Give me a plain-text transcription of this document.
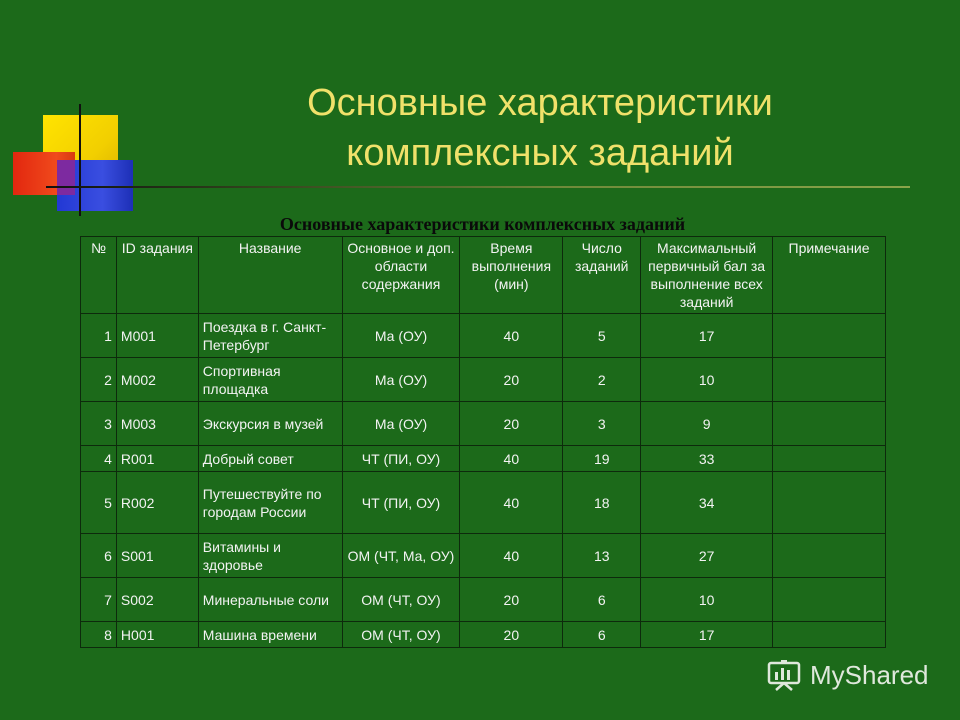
Основные характеристики
комплексных заданий
Основные характеристики комплексных заданий
№	ID задания	Название	Основное и доп. области содержания	Время выполнения (мин)	Число заданий	Максимальный первичный бал за выполнение всех заданий	Примечание
1	M001	Поездка в г. Санкт-Петербург	Ма (ОУ)	40	5	17	
2	M002	Спортивная площадка	Ма (ОУ)	20	2	10	
3	M003	Экскурсия в музей	Ма (ОУ)	20	3	9	
4	R001	Добрый совет	ЧТ (ПИ, ОУ)	40	19	33	
5	R002	Путешествуйте по городам России	ЧТ (ПИ, ОУ)	40	18	34	
6	S001	Витамины и здоровье	ОМ (ЧТ, Ма, ОУ)	40	13	27	
7	S002	Минеральные соли	ОМ (ЧТ, ОУ)	20	6	10	
8	H001	Машина времени	ОМ (ЧТ, ОУ)	20	6	17	
MyShared
